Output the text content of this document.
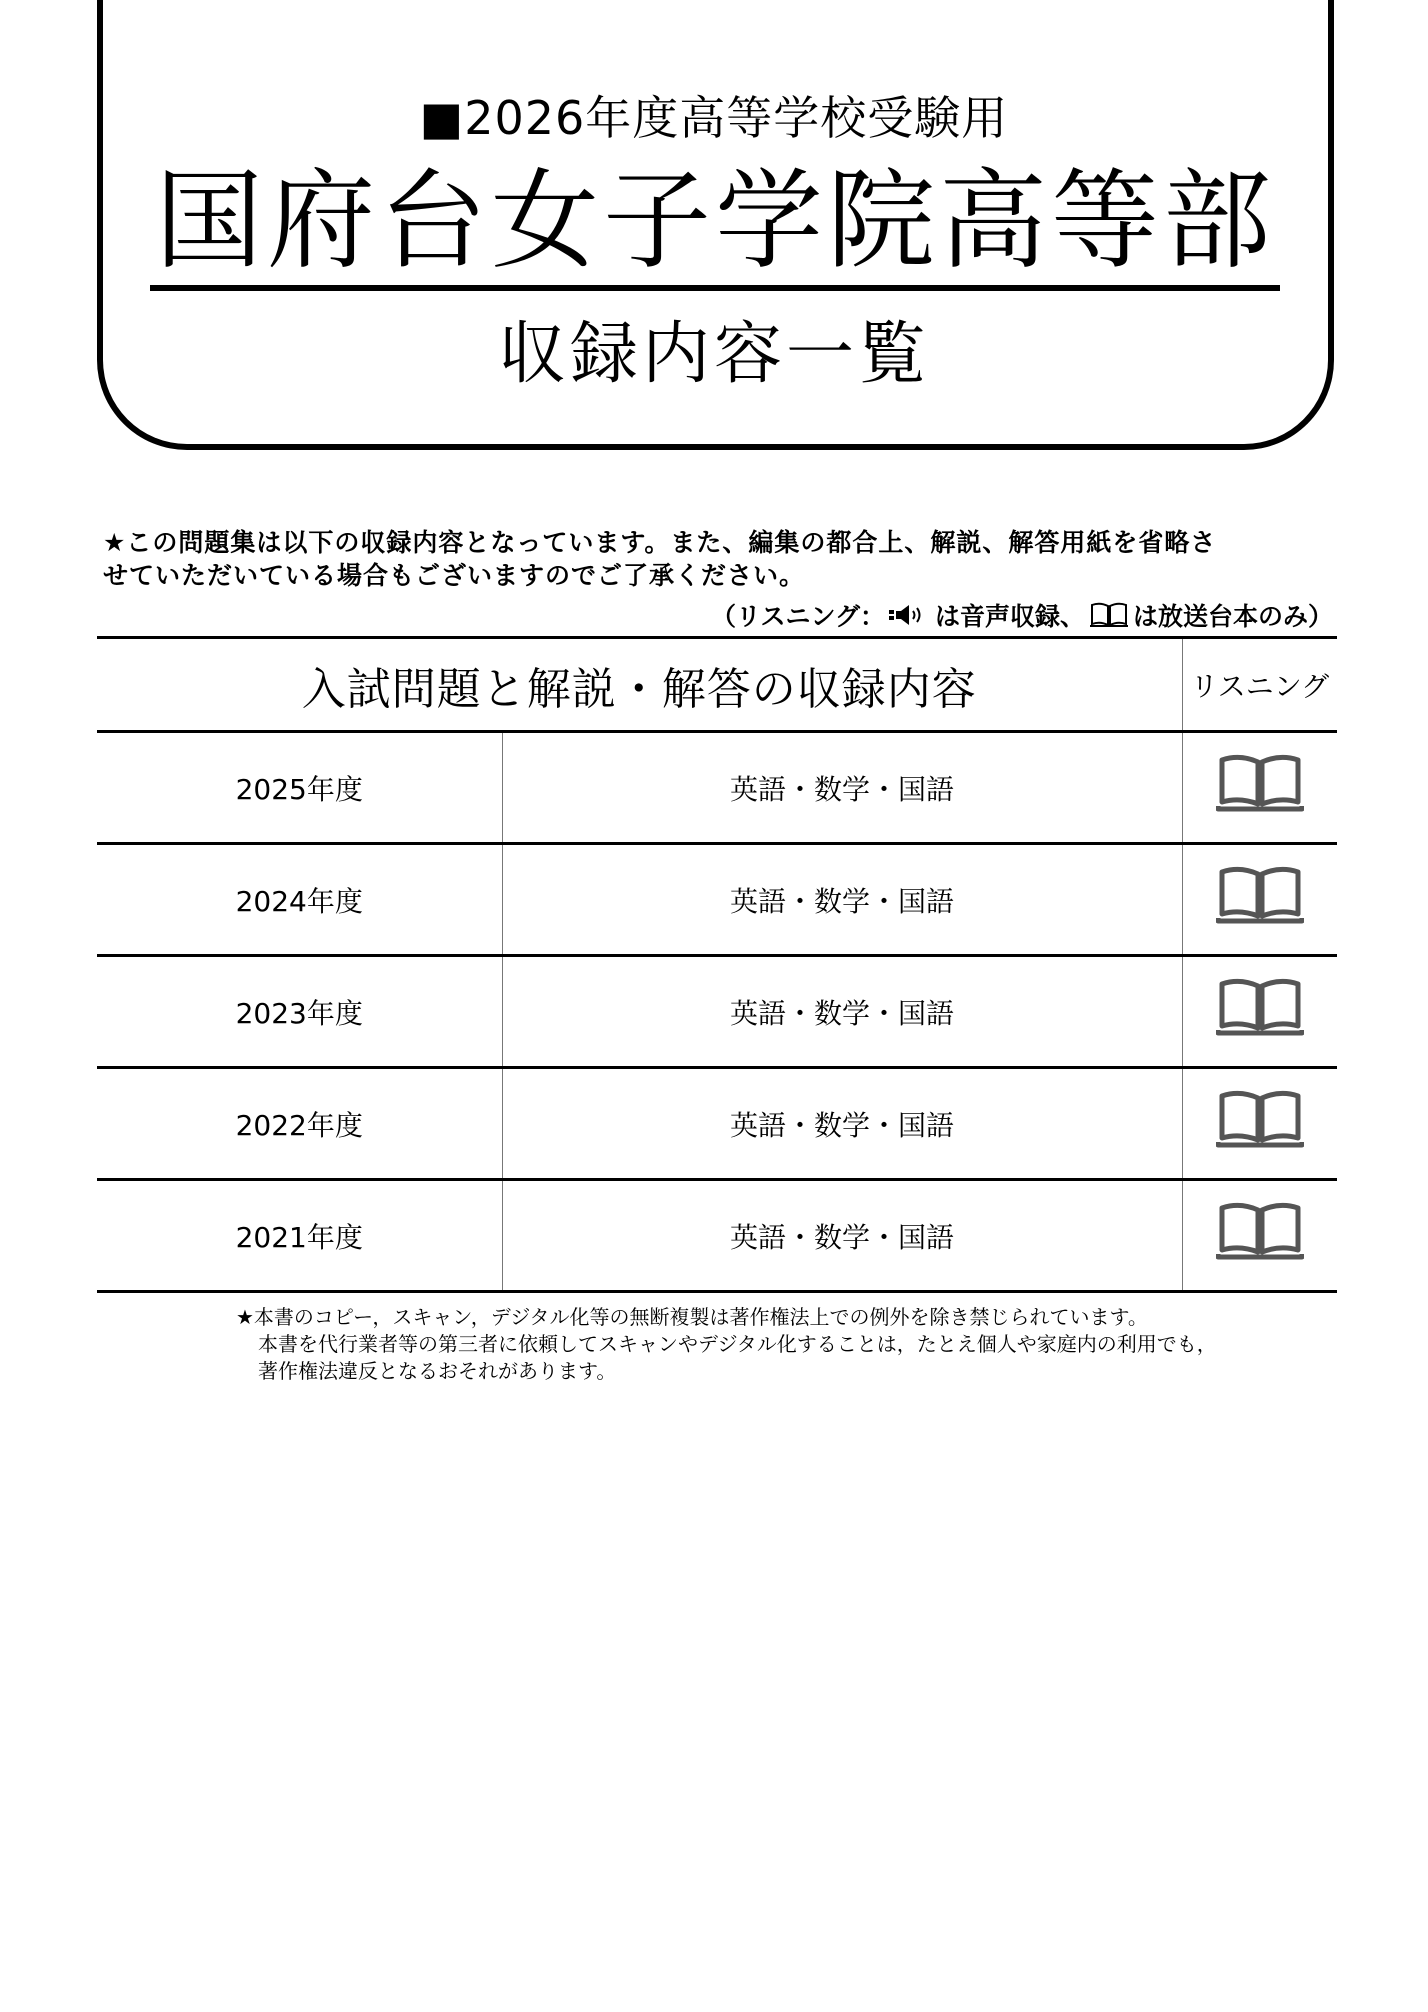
■2026年度高等学校受験用
国府台女子学院高等部
収録内容一覧

★この問題集は以下の収録内容となっています。また、編集の都合上、解説、解答用紙を省略さ

せていただいている場合もございますのでご了承ください。

（リスニング： は音声収録、 は放送台本のみ）
入試問題と解説・解答の収録内容		リスニング
2025年度	英語・数学・国語	
2024年度	英語・数学・国語	
2023年度	英語・数学・国語	
2022年度	英語・数学・国語	
2021年度	英語・数学・国語	

★本書のコピー，スキャン，デジタル化等の無断複製は著作権法上での例外を除き禁じられています。

本書を代行業者等の第三者に依頼してスキャンやデジタル化することは，たとえ個人や家庭内の利用でも，

著作権法違反となるおそれがあります。
